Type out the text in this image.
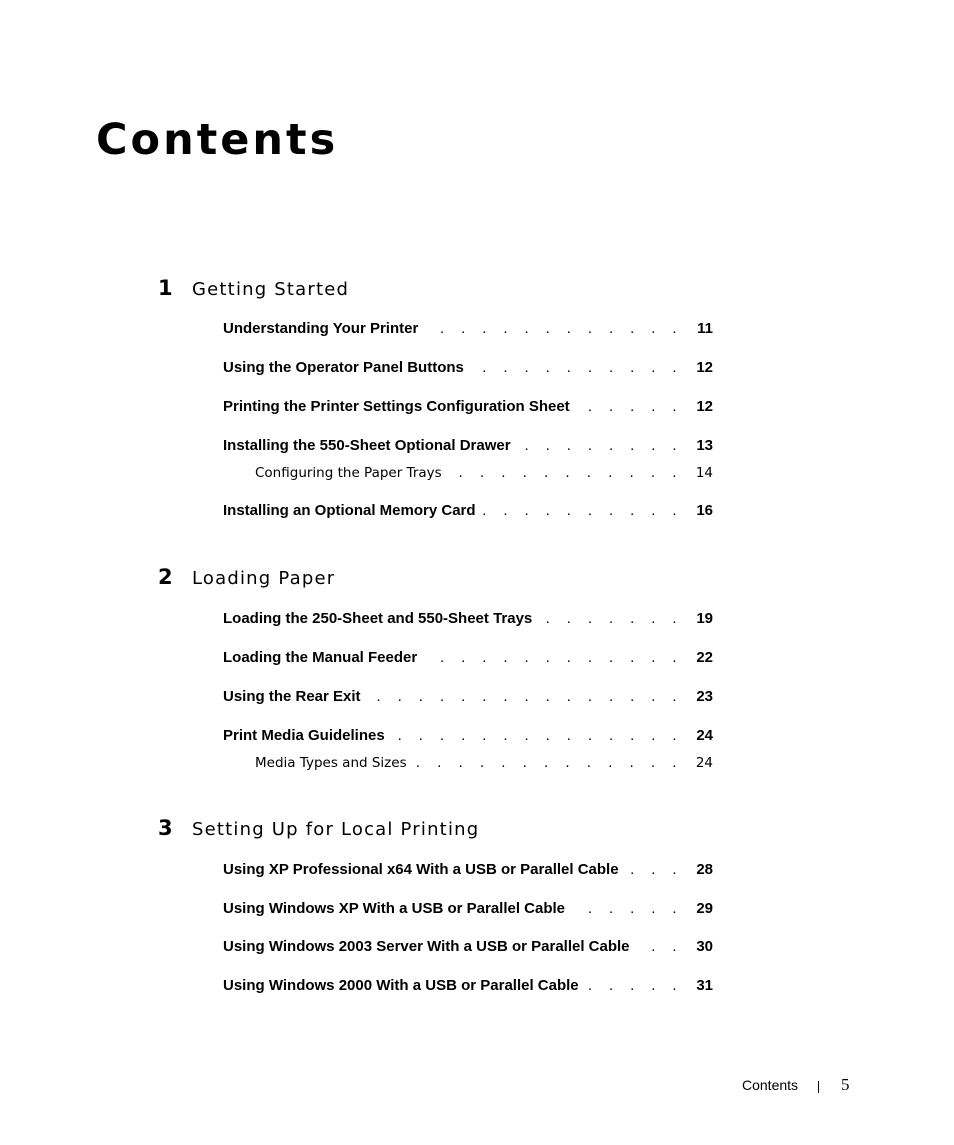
Contents
1	Getting Started
Understanding Your Printer . . .	11
Using the Operator Panel Buttons . . .	12
Printing the Printer Settings Configuration Sheet . . .	12
Installing the 550-Sheet Optional Drawer . . .	13
Configuring the Paper Trays . . .	14
Installing an Optional Memory Card . . .	16
2	Loading Paper
Loading the 250-Sheet and 550-Sheet Trays . . .	19
Loading the Manual Feeder . . .	22
Using the Rear Exit . . .	23
Print Media Guidelines . . .	24
Media Types and Sizes . . .	24
3	Setting Up for Local Printing
Using XP Professional x64 With a USB or Parallel Cable . . .	28
Using Windows XP With a USB or Parallel Cable . . .	29
Using Windows 2003 Server With a USB or Parallel Cable . . .	30
Using Windows 2000 With a USB or Parallel Cable . . .	31
Contents	5
